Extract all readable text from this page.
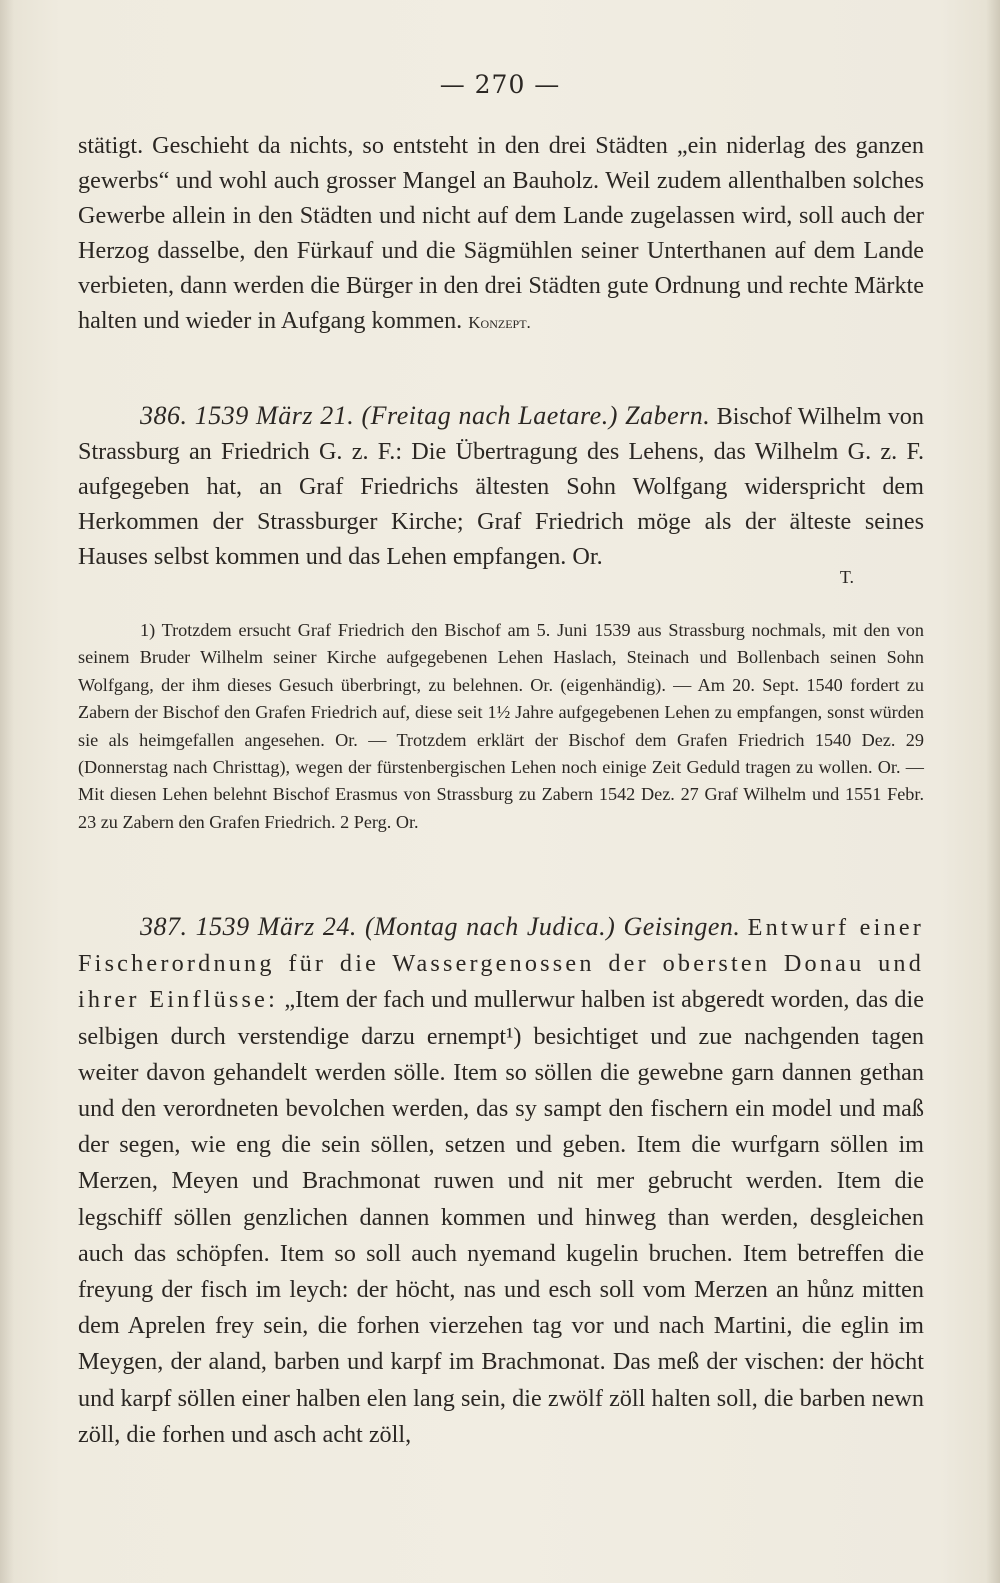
— 270 —

stätigt. Geschieht da nichts, so entsteht in den drei Städten „ein niderlag des ganzen gewerbs“ und wohl auch grosser Mangel an Bauholz. Weil zudem allenthalben solches Gewerbe allein in den Städten und nicht auf dem Lande zugelassen wird, soll auch der Herzog dasselbe, den Fürkauf und die Sägmühlen seiner Unterthanen auf dem Lande verbieten, dann werden die Bürger in den drei Städten gute Ordnung und rechte Märkte halten und wieder in Aufgang kommen. Konzept.

386. 1539 März 21. (Freitag nach Laetare.) Zabern. Bischof Wilhelm von Strassburg an Friedrich G. z. F.: Die Übertragung des Lehens, das Wilhelm G. z. F. aufgegeben hat, an Graf Friedrichs ältesten Sohn Wolfgang widerspricht dem Herkommen der Strassburger Kirche; Graf Friedrich möge als der älteste seines Hauses selbst kommen und das Lehen empfangen. Or.

T.

1) Trotzdem ersucht Graf Friedrich den Bischof am 5. Juni 1539 aus Strassburg nochmals, mit den von seinem Bruder Wilhelm seiner Kirche aufgegebenen Lehen Haslach, Steinach und Bollenbach seinen Sohn Wolfgang, der ihm dieses Gesuch überbringt, zu belehnen. Or. (eigenhändig). — Am 20. Sept. 1540 fordert zu Zabern der Bischof den Grafen Friedrich auf, diese seit 1½ Jahre aufgegebenen Lehen zu empfangen, sonst würden sie als heimgefallen angesehen. Or. — Trotzdem erklärt der Bischof dem Grafen Friedrich 1540 Dez. 29 (Donnerstag nach Christtag), wegen der fürstenbergischen Lehen noch einige Zeit Geduld tragen zu wollen. Or. — Mit diesen Lehen belehnt Bischof Erasmus von Strassburg zu Zabern 1542 Dez. 27 Graf Wilhelm und 1551 Febr. 23 zu Zabern den Grafen Friedrich. 2 Perg. Or.

387. 1539 März 24. (Montag nach Judica.) Geisingen. Entwurf einer Fischerordnung für die Wassergenossen der obersten Donau und ihrer Einflüsse: „Item der fach und mullerwur halben ist abgeredt worden, das die selbigen durch verstendige darzu ernempt¹) besichtiget und zue nachgenden tagen weiter davon gehandelt werden sölle. Item so söllen die gewebne garn dannen gethan und den verordneten bevolchen werden, das sy sampt den fischern ein model und maß der segen, wie eng die sein söllen, setzen und geben. Item die wurfgarn söllen im Merzen, Meyen und Brachmonat ruwen und nit mer gebrucht werden. Item die legschiff söllen genzlichen dannen kommen und hinweg than werden, desgleichen auch das schöpfen. Item so soll auch nyemand kugelin bruchen. Item betreffen die freyung der fisch im leych: der höcht, nas und esch soll vom Merzen an hůnz mitten dem Aprelen frey sein, die forhen vierzehen tag vor und nach Martini, die eglin im Meygen, der aland, barben und karpf im Brachmonat. Das meß der vischen: der höcht und karpf söllen einer halben elen lang sein, die zwölf zöll halten soll, die barben newn zöll, die forhen und asch acht zöll,
